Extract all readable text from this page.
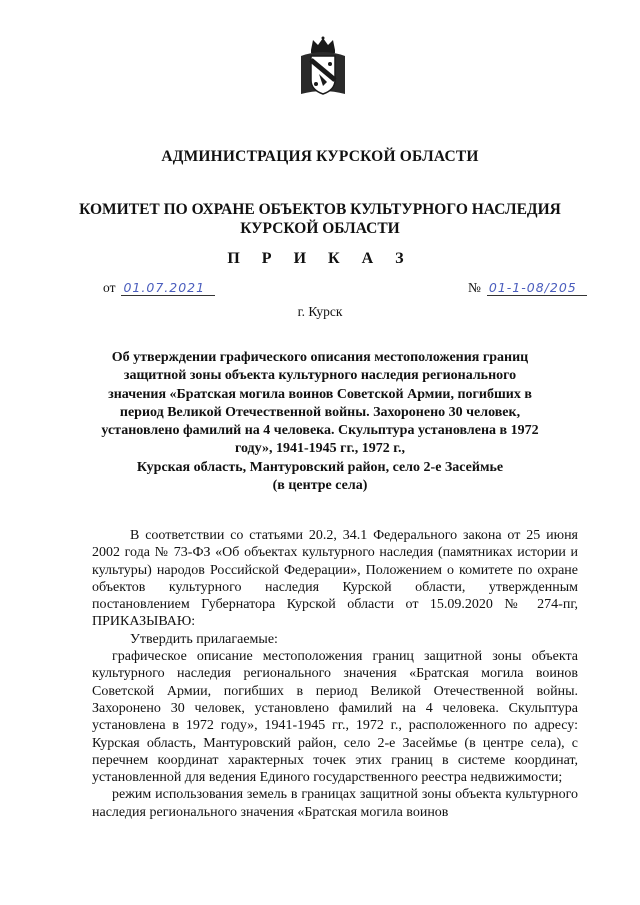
АДМИНИСТРАЦИЯ КУРСКОЙ ОБЛАСТИ
КОМИТЕТ ПО ОХРАНЕ ОБЪЕКТОВ КУЛЬТУРНОГО НАСЛЕДИЯ
КУРСКОЙ ОБЛАСТИ
П Р И К А З
от 01.07.2021	№ 01-1-08/205
г. Курск
Об утверждении графического описания местоположения границ
защитной зоны объекта культурного наследия регионального
значения «Братская могила воинов Советской Армии, погибших в
период Великой Отечественной войны. Захоронено 30 человек,
установлено фамилий на 4 человека. Скульптура установлена в 1972
году», 1941-1945 гг., 1972 г.,
Курская область, Мантуровский район, село 2-е Засеймье
(в центре села)

В соответствии со статьями 20.2, 34.1 Федерального закона от 25 июня 2002 года № 73-ФЗ «Об объектах культурного наследия (памятниках истории и культуры) народов Российской Федерации», Положением о комитете по охране объектов культурного наследия Курской области, утвержденным постановлением Губернатора Курской области от 15.09.2020 № 274-пг, ПРИКАЗЫВАЮ:

Утвердить прилагаемые:

графическое описание местоположения границ защитной зоны объекта культурного наследия регионального значения «Братская могила воинов Советской Армии, погибших в период Великой Отечественной войны. Захоронено 30 человек, установлено фамилий на 4 человека. Скульптура установлена в 1972 году», 1941-1945 гг., 1972 г., расположенного по адресу: Курская область, Мантуровский район, село 2-е Засеймье (в центре села), с перечнем координат характерных точек этих границ в системе координат, установленной для ведения Единого государственного реестра недвижимости;

режим использования земель в границах защитной зоны объекта культурного наследия регионального значения «Братская могила воинов
